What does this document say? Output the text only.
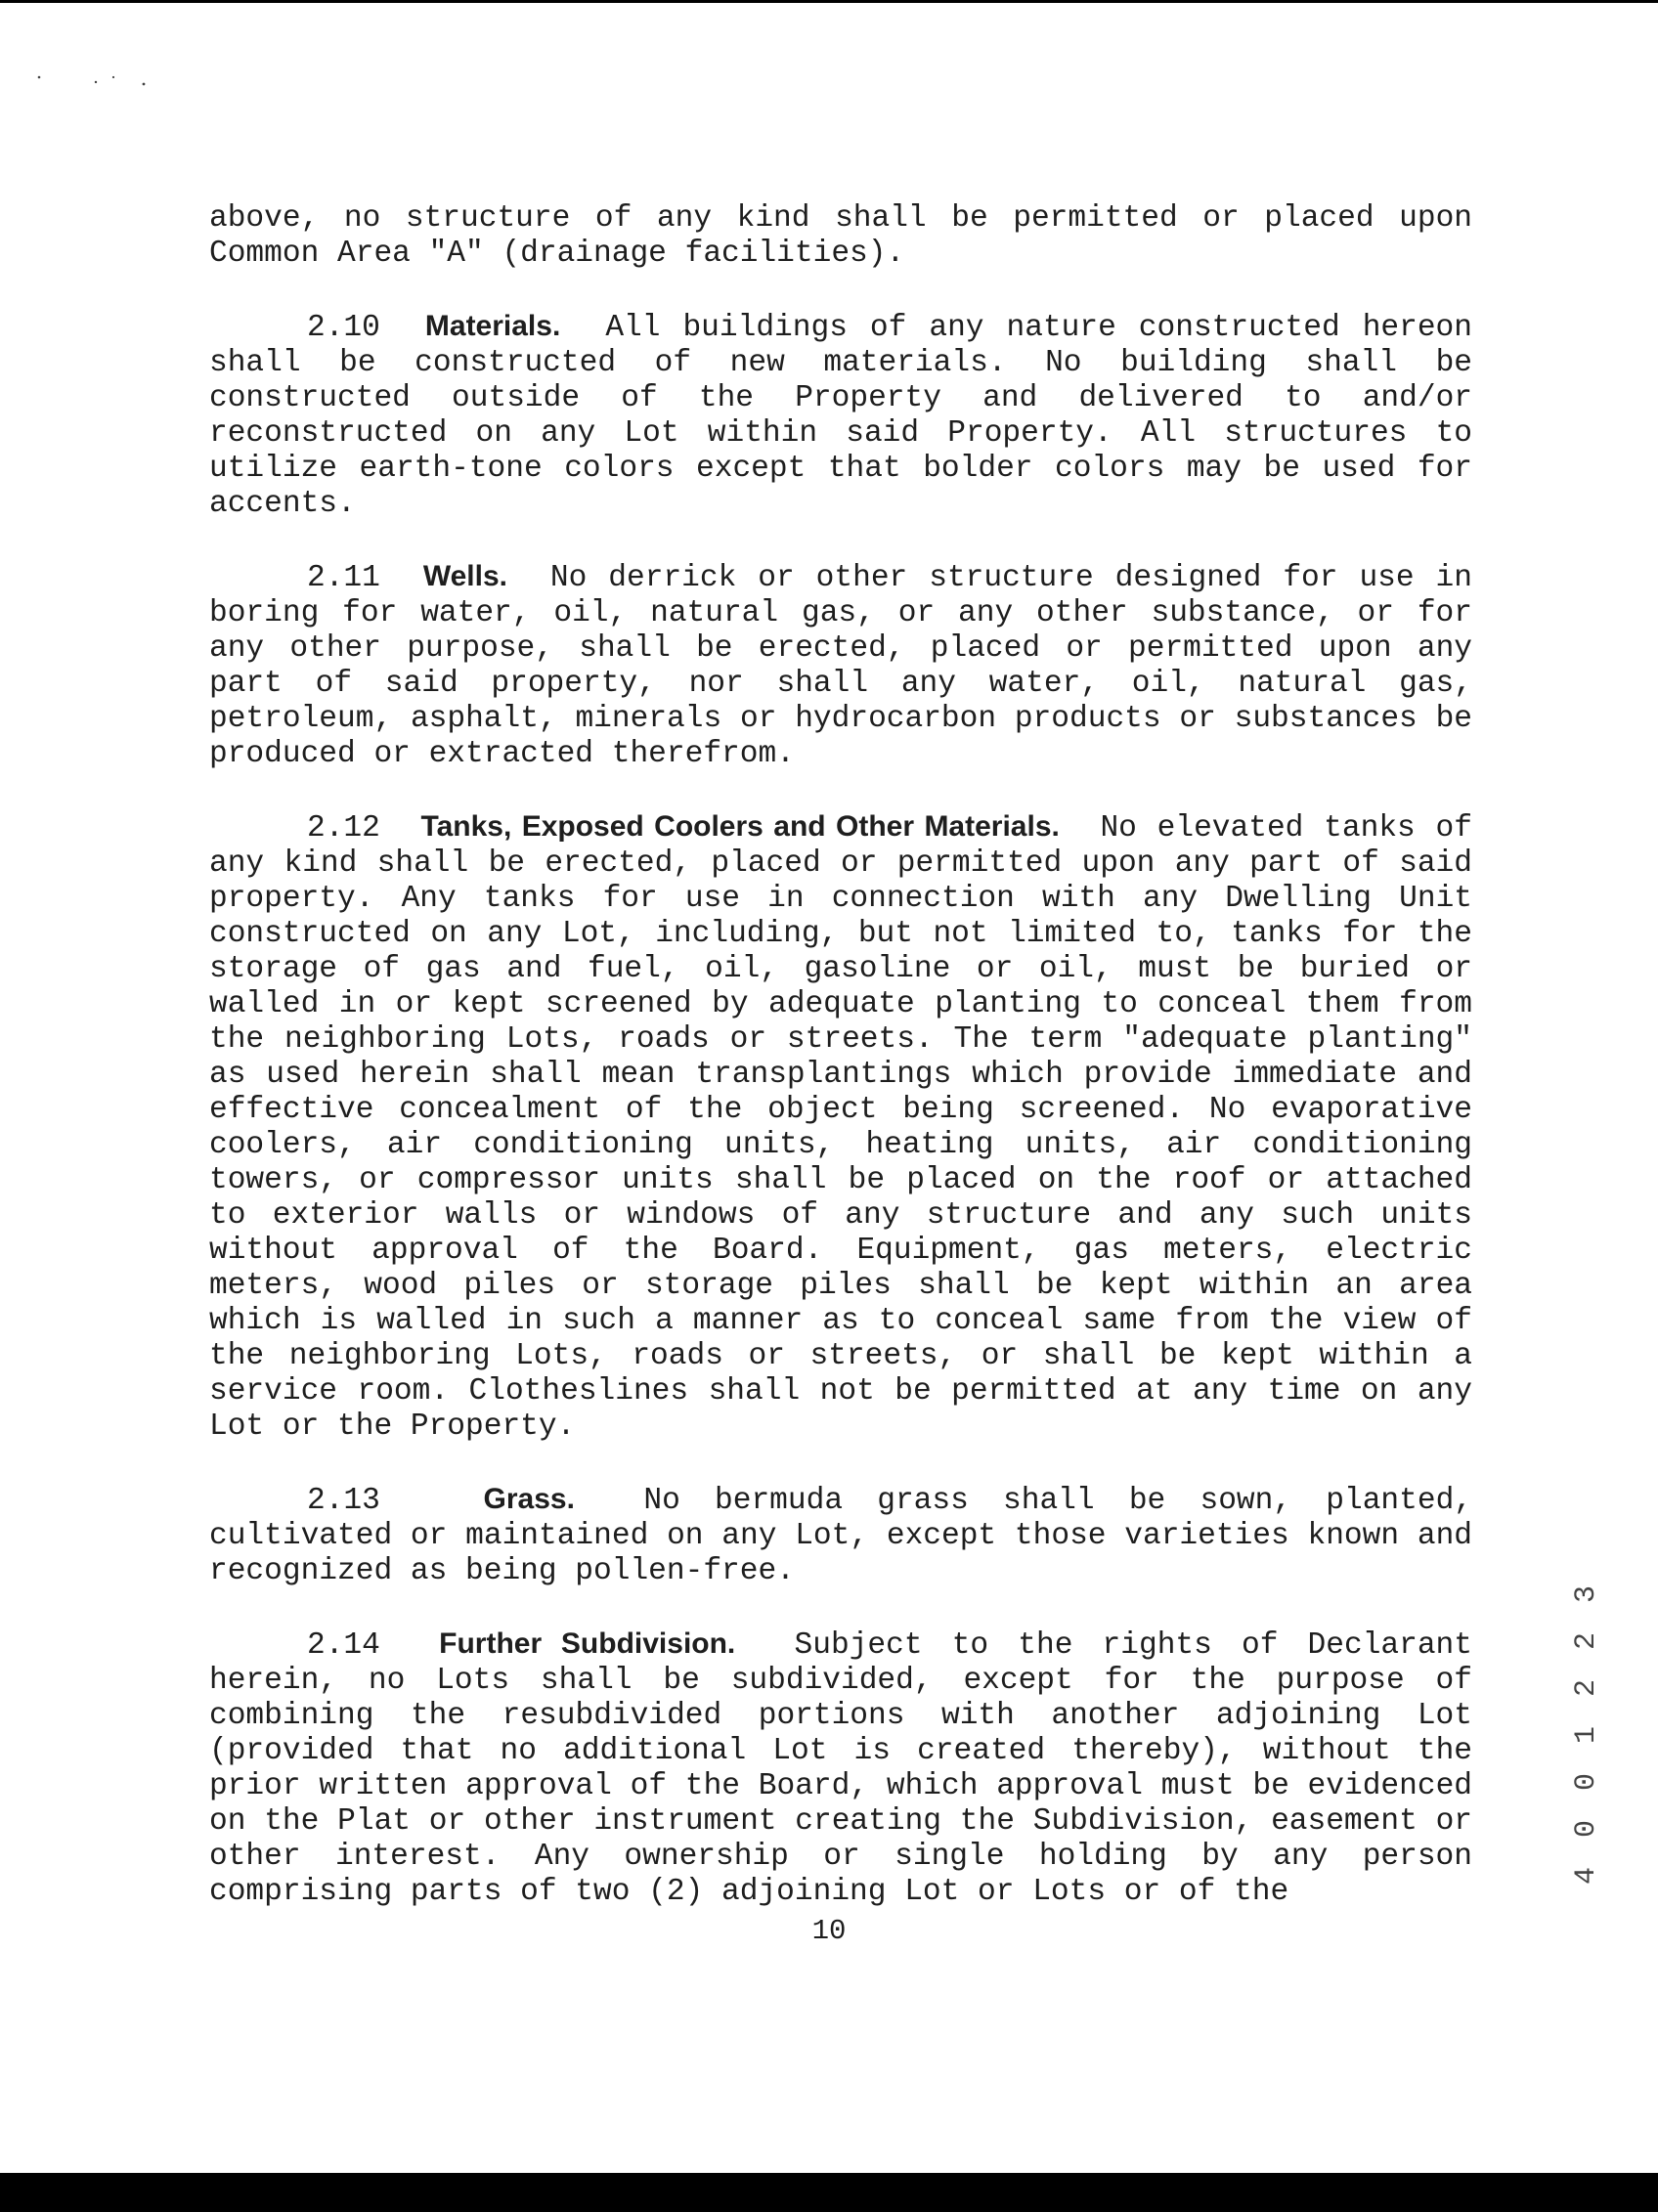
above, no structure of any kind shall be permitted or placed upon Common Area "A" (drainage facilities).

2.10 Materials. All buildings of any nature constructed hereon shall be constructed of new materials. No building shall be constructed outside of the Property and delivered to and/or reconstructed on any Lot within said Property. All structures to utilize earth-tone colors except that bolder colors may be used for accents.

2.11 Wells. No derrick or other structure designed for use in boring for water, oil, natural gas, or any other substance, or for any other purpose, shall be erected, placed or permitted upon any part of said property, nor shall any water, oil, natural gas, petroleum, asphalt, minerals or hydrocarbon products or substances be produced or extracted therefrom.

2.12 Tanks, Exposed Coolers and Other Materials. No elevated tanks of any kind shall be erected, placed or permitted upon any part of said property. Any tanks for use in connection with any Dwelling Unit constructed on any Lot, including, but not limited to, tanks for the storage of gas and fuel, oil, gasoline or oil, must be buried or walled in or kept screened by adequate planting to conceal them from the neighboring Lots, roads or streets. The term "adequate planting" as used herein shall mean transplantings which provide immediate and effective concealment of the object being screened. No evaporative coolers, air conditioning units, heating units, air conditioning towers, or compressor units shall be placed on the roof or attached to exterior walls or windows of any structure and any such units without approval of the Board. Equipment, gas meters, electric meters, wood piles or storage piles shall be kept within an area which is walled in such a manner as to conceal same from the view of the neighboring Lots, roads or streets, or shall be kept within a service room. Clotheslines shall not be permitted at any time on any Lot or the Property.

2.13	Grass. No bermuda grass shall be sown, planted, cultivated or maintained on any Lot, except those varieties known and recognized as being pollen-free.

2.14 Further Subdivision. Subject to the rights of Declarant herein, no Lots shall be subdivided, except for the purpose of combining the resubdivided portions with another adjoining Lot (provided that no additional Lot is created thereby), without the prior written approval of the Board, which approval must be evidenced on the Plat or other instrument creating the Subdivision, easement or other interest. Any ownership or single holding by any person comprising parts of two (2) adjoining Lot or Lots or of the

10
4 0 0 1 2 2 3
